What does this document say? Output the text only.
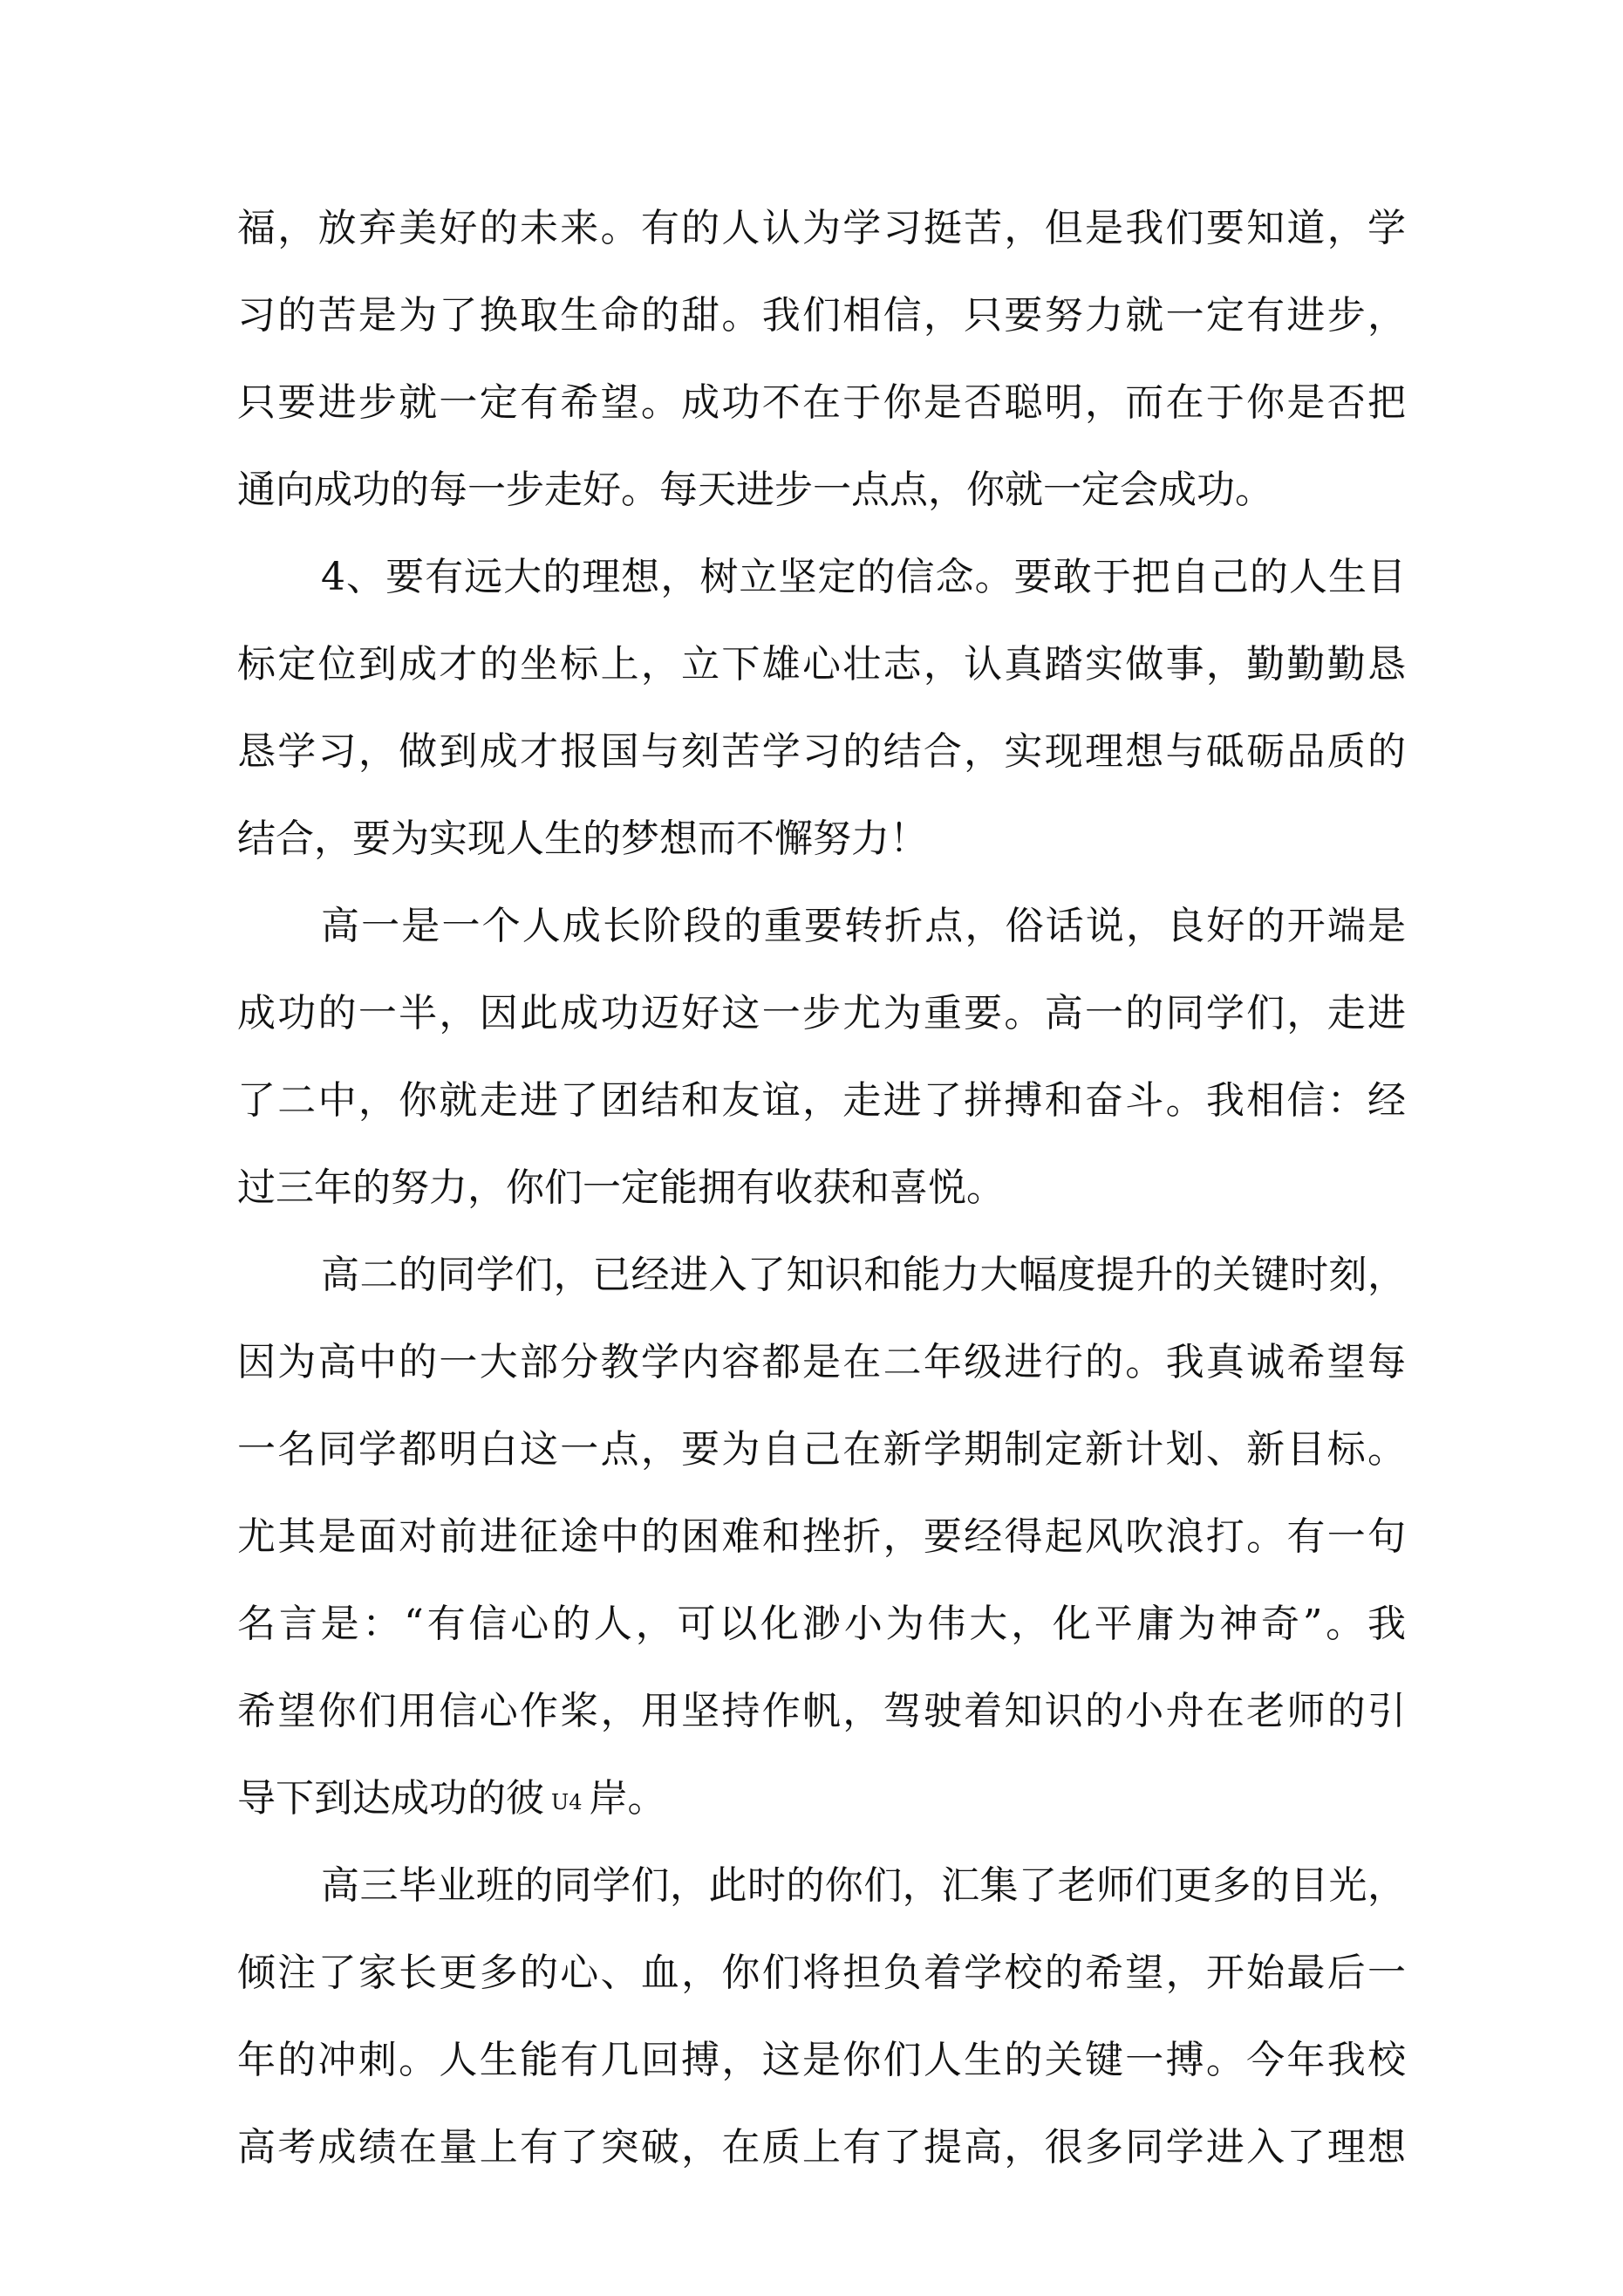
福，放弃美好的未来。有的人认为学习挺苦，但是我们要知道，学
习的苦是为了换取生命的甜。我们相信，只要努力就一定有进步，
只要进步就一定有希望。成功不在于你是否聪明，而在于你是否把
通向成功的每一步走好。每天进步一点点，你就一定会成功。
4、要有远大的理想，树立坚定的信念。要敢于把自己的人生目
标定位到成才的坐标上，立下雄心壮志，认真踏实做事，勤勤勤恳
恳学习，做到成才报国与刻苦学习的结合，实现理想与砥砺品质的
结合，要为实现人生的梦想而不懈努力！
高一是一个人成长阶段的重要转折点，俗话说，良好的开端是
成功的一半，因此成功迈好这一步尤为重要。高一的同学们，走进
了二中，你就走进了团结和友谊，走进了拼搏和奋斗。我相信：经
过三年的努力，你们一定能拥有收获和喜悦。
高二的同学们，已经进入了知识和能力大幅度提升的关键时刻，
因为高中的一大部分教学内容都是在二年级进行的。我真诚希望每
一名同学都明白这一点，要为自己在新学期制定新计划、新目标。
尤其是面对前进征途中的困难和挫折，要经得起风吹浪打。有一句
名言是：“有信心的人，可以化渺小为伟大，化平庸为神奇”。我
希望你们用信心作桨，用坚持作帆，驾驶着知识的小舟在老师的引
导下到达成功的彼 U4 岸。
高三毕业班的同学们，此时的你们，汇集了老师们更多的目光，
倾注了家长更多的心、血，你们将担负着学校的希望，开始最后一
年的冲刺。人生能有几回搏，这是你们人生的关键一搏。今年我校
高考成绩在量上有了突破，在质上有了提高，很多同学进入了理想
